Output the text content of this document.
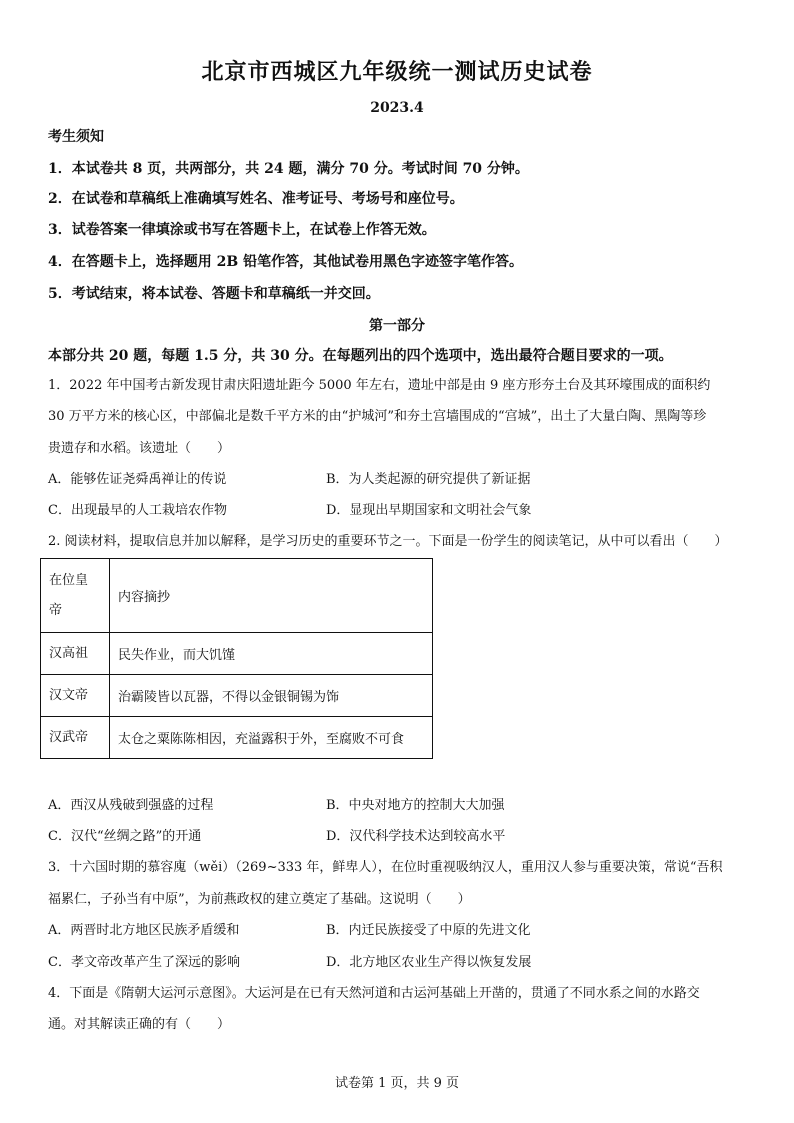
北京市西城区九年级统一测试历史试卷
2023.4
考生须知
1．本试卷共 8 页，共两部分，共 24 题，满分 70 分。考试时间 70 分钟。
2．在试卷和草稿纸上准确填写姓名、准考证号、考场号和座位号。
3．试卷答案一律填涂或书写在答题卡上，在试卷上作答无效。
4．在答题卡上，选择题用 2B 铅笔作答，其他试卷用黑色字迹签字笔作答。
5．考试结束，将本试卷、答题卡和草稿纸一并交回。
第一部分
本部分共 20 题，每题 1.5 分，共 30 分。在每题列出的四个选项中，选出最符合题目要求的一项。
1．2022 年中国考古新发现甘肃庆阳遗址距今 5000 年左右，遗址中部是由 9 座方形夯土台及其环壕围成的面积约
30 万平方米的核心区，中部偏北是数千平方米的由“护城河”和夯土宫墙围成的“宫城”，出土了大量白陶、黑陶等珍
贵遗存和水稻。该遗址（　　）
A．能够佐证尧舜禹禅让的传说	B．为人类起源的研究提供了新证据
C．出现最早的人工栽培农作物	D．显现出早期国家和文明社会气象
2. 阅读材料，提取信息并加以解释，是学习历史的重要环节之一。下面是一份学生的阅读笔记，从中可以看出（　　）
在位皇
帝	内容摘抄
汉高祖	民失作业，而大饥馑
汉文帝	治霸陵皆以瓦器，不得以金银铜锡为饰
汉武帝	太仓之粟陈陈相因，充溢露积于外，至腐败不可食
A．西汉从残破到强盛的过程	B．中央对地方的控制大大加强
C．汉代“丝绸之路”的开通	D．汉代科学技术达到较高水平
3．十六国时期的慕容廆（wěi）（269~333 年，鲜卑人），在位时重视吸纳汉人，重用汉人参与重要决策，常说“吾积
福累仁，子孙当有中原”，为前燕政权的建立奠定了基础。这说明（　　）
A．两晋时北方地区民族矛盾缓和	B．内迁民族接受了中原的先进文化
C．孝文帝改革产生了深远的影响	D．北方地区农业生产得以恢复发展
4．下面是《隋朝大运河示意图》。大运河是在已有天然河道和古运河基础上开凿的，贯通了不同水系之间的水路交
通。对其解读正确的有（　　）
试卷第 1 页，共 9 页
